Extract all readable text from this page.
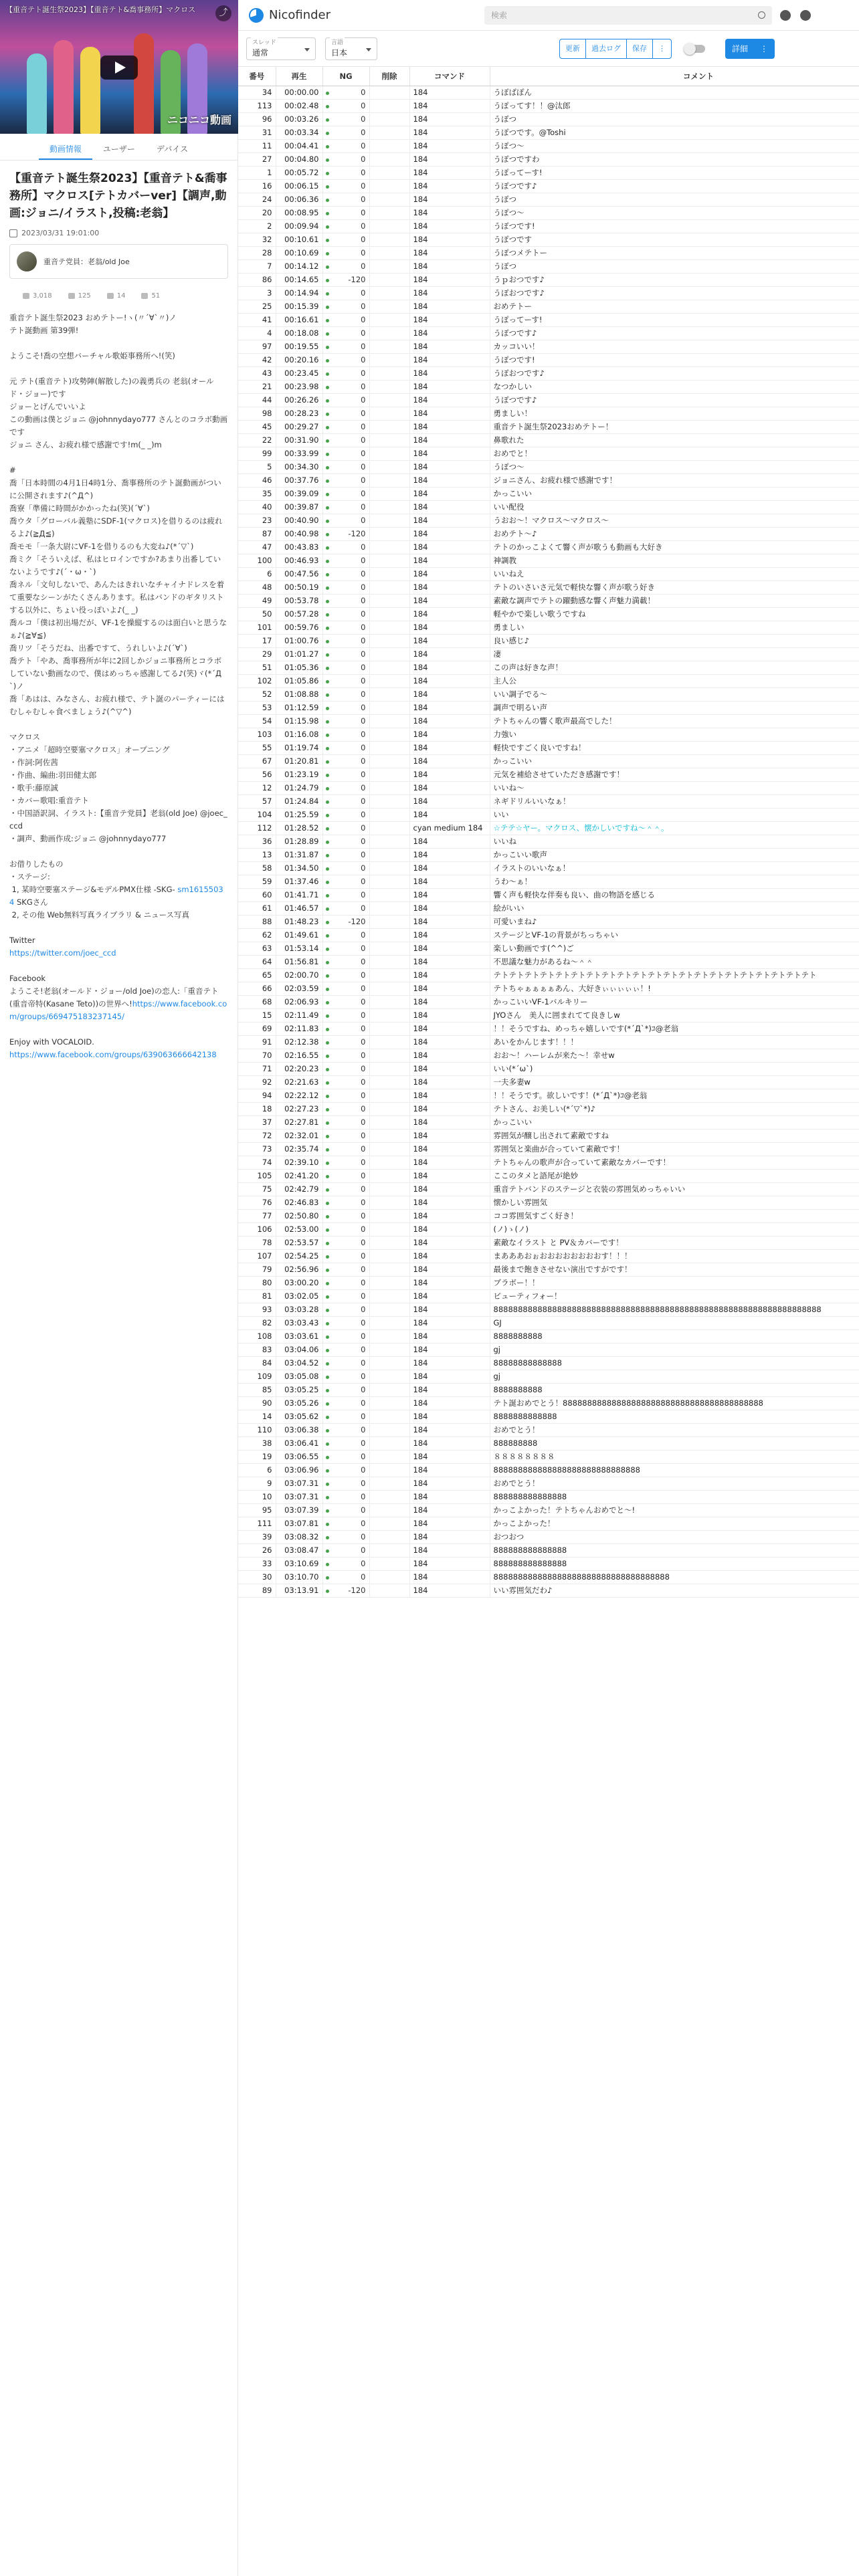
【重音テト誕生祭2023】【重音テト&喬事務所】マクロス	⤴
ニコニコ動画
動画情報	ユーザー	デバイス
【重音テト誕生祭2023】【重音テト&喬事務所】マクロス[テトカバーver]【調声,動画:ジョニ/イラスト,投稿:老翁】
2023/03/31 19:01:00
重音テ党員：老翁/old Joe
3,018	125	14	51
重音テト誕生祭2023 おめテトー!ヽ(〃´∀`〃)ノ
テト誕動画 第39弾!

ようこそ!喬の空想バーチャル歌姫事務所へ!(笑)

元 テト(重音テト)攻勢陣(解散した)の義勇兵の 老翁(オールド・ジョー)です
ジョーとげんでいいよ
この動画は僕とジョニ @johnnydayo777 さんとのコラボ動画です
ジョニ さん、お疲れ様で感謝です!m(_ _)m

#
喬「日本時間の4月1日4時1分、喬事務所のテト誕動画がついに公開されます♪(^Д^)
喬寮「準備に時間がかかったね(笑)(´∀`)
喬ウタ「グローバル義塾にSDF-1(マクロス)を借りるのは疲れるよ♪(≧Д≦)
喬モモ「一条大尉にVF-1を借りるのも大変ね♪(*´▽`)
喬ミク「そういえば、私はヒロインですか?あまり出番していないようです♪(´・ω・`)
喬ネル「文句しないで、あんたはきれいなチャイナドレスを着て重要なシーンがたくさんあります。私はバンドのギタリストする以外に、ちょい役っぽいよ♪(_ _)
喬ルコ「僕は初出場だが、VF-1を操縦するのは面白いと思うなぁ♪(≧∀≦)
喬リツ「そうだね、出番ですて、うれしいよ♪(´∀`)
喬テト「やあ、喬事務所が年に2回しかジョニ事務所とコラボしていない動画なので、僕はめっちゃ感謝してる♪(笑)ヾ(*´Д`)ノ
喬「あはは、みなさん、お疲れ様で、テト誕のパーティーにはむしゃむしゃ食べましょう♪(^▽^)

マクロス
・アニメ「超時空要塞マクロス」オープニング
・作詞:阿佐茜
・作曲、編曲:羽田健太郎
・歌手:藤原誠
・カバー歌唱:重音テト
・中国語訳詞、イラスト:【重音テ党員】老翁(old Joe) @joec_ccd
・調声、動画作成:ジョニ @johnnydayo777

お借りしたもの
・ステージ:
1, 某時空要塞ステージ&モデルPMX仕様 -SKG- sm16155034 SKGさん
2, その他 Web無料写真ライブラリ & ニュース写真

Twitter
https://twitter.com/joec_ccd

Facebook
ようこそ!老翁(オールド・ジョー/old Joe)の恋人:「重音テト(重音帝特(Kasane Teto))の世界へ!https://www.facebook.com/groups/669475183237145/

Enjoy with VOCALOID.
https://www.facebook.com/groups/639063666642138
Nicofinder	検索
スレッド
通常
言語
日本	更新	過去ログ	保存	⋮	詳細 ⋮
番号	再生	NG	削除	コマンド	コメント
34	00:00.00	0		184	うぽばぽん
113	00:02.48	0		184	うぽってす！！@汰郎
96	00:03.26	0		184	うぽつ
31	00:03.34	0		184	うぽつです。@Toshi
11	00:04.41	0		184	うぽつ～
27	00:04.80	0		184	うぽつですわ
1	00:05.72	0		184	うぽってーす!
16	00:06.15	0		184	うぽつです♪
24	00:06.36	0		184	うぽつ
20	00:08.95	0		184	うぽつ～
2	00:09.94	0		184	うぽつです!
32	00:10.61	0		184	うぽつです
28	00:10.69	0		184	うぽつメテトー
7	00:14.12	0		184	うぽつ
86	00:14.65	-120		184	うｐおつです♪
3	00:14.94	0		184	うぽおつです♪
25	00:15.39	0		184	おめテトー
41	00:16.61	0		184	うぽってーす!
4	00:18.08	0		184	うぽつです♪
97	00:19.55	0		184	カッコいい！
42	00:20.16	0		184	うぽつです!
43	00:23.45	0		184	うぽおつです♪
21	00:23.98	0		184	なつかしい
44	00:26.26	0		184	うぽつです♪
98	00:28.23	0		184	勇ましい！
45	00:29.27	0		184	重音テト誕生祭2023おめテトー！
22	00:31.90	0		184	鼻歌れた
99	00:33.99	0		184	おめでと！
5	00:34.30	0		184	うぽつ～
46	00:37.76	0		184	ジョニさん、お疲れ様で感謝です！
35	00:39.09	0		184	かっこいい
40	00:39.87	0		184	いい配役
23	00:40.90	0		184	うおお～！マクロス～マクロス～
87	00:40.98	-120		184	おめテト～♪
47	00:43.83	0		184	テトのかっこよくて響く声が歌うも動画も大好き
100	00:46.93	0		184	神調教
6	00:47.56	0		184	いいねえ
48	00:50.19	0		184	テトのいさいさ元気で軽快な響く声が歌う好き
49	00:53.78	0		184	素敵な調声でテトの躍動感な響く声魅力満載！
50	00:57.28	0		184	軽やかで楽しい歌うですね
101	00:59.76	0		184	勇ましい
17	01:00.76	0		184	良い感じ♪
29	01:01.27	0		184	凄
51	01:05.36	0		184	この声は好きな声！
102	01:05.86	0		184	主人公
52	01:08.88	0		184	いい調子でる～
53	01:12.59	0		184	調声で明るい声
54	01:15.98	0		184	テトちゃんの響く歌声最高でした！
103	01:16.08	0		184	力強い
55	01:19.74	0		184	軽快ですごく良いですね！
67	01:20.81	0		184	かっこいい
56	01:23.19	0		184	元気を補給させていただき感謝です！
12	01:24.79	0		184	いいね～
57	01:24.84	0		184	ネギドリルいいなぁ！
104	01:25.59	0		184	いい
112	01:28.52	0		cyan medium 184	☆テテ☆ヤー。マクロス、懐かしいですね～＾＾。
36	01:28.89	0		184	いいね
13	01:31.87	0		184	かっこいい歌声
58	01:34.50	0		184	イラストのいいなぁ！
59	01:37.46	0		184	うわ～ぁ！
60	01:41.71	0		184	響く声も軽快な伴奏も良い、曲の物語を感じる
61	01:46.57	0		184	絵がいい
88	01:48.23	-120		184	可愛いまね♪
62	01:49.61	0		184	ステージとVF-1の背景がちっちゃい
63	01:53.14	0		184	楽しい動画です(^^)ご
64	01:56.81	0		184	不思議な魅力があるね～＾＾
65	02:00.70	0		184	テトテトテトテトテトテトテトテトテトテトテトテトテトテトテトテトテトテトテトテトテト
66	02:03.59	0		184	テトちゃぁぁぁぁあん、大好きぃぃぃぃぃ！!
68	02:06.93	0		184	かっこいいVF-1バルキリー
15	02:11.49	0		184	JYOさん　美人に囲まれてて良きしw
69	02:11.83	0		184	！！そうですね、めっちゃ嬉しいです(*´Д`*)ｺ@老翁
91	02:12.38	0		184	あいをかんじます！！！
70	02:16.55	0		184	おお～！ハーレムが来た～！幸せw
71	02:20.23	0		184	いい(*´ω`)
92	02:21.63	0		184	一夫多妻w
94	02:22.12	0		184	！！そうです。欲しいです！(*´Д`*)ｺ@老翁
18	02:27.23	0		184	テトさん、お美しい(*´▽`*)♪
37	02:27.81	0		184	かっこいい
72	02:32.01	0		184	雰囲気が醸し出されて素敵ですね
73	02:35.74	0		184	雰囲気と楽曲が合っていて素敵です！
74	02:39.10	0		184	テトちゃんの歌声が合っていて素敵なカバーです！
105	02:41.20	0		184	ここのタメと語尾が絶妙
75	02:42.79	0		184	重音テトバンドのステージと衣装の雰囲気めっちゃいい
76	02:46.83	0		184	懐かしい雰囲気
77	02:50.80	0		184	ココ雰囲気すごく好き！
106	02:53.00	0		184	(ノ)ゝ(ノ)
78	02:53.57	0		184	素敵なイラスト と PV＆カバーです！
107	02:54.25	0		184	まあああおぉおおおおおおおおす！！！
79	02:56.96	0		184	最後まで飽きさせない演出ですがです！
80	03:00.20	0		184	ブラボー！！
81	03:02.05	0		184	ビューティフォー！
93	03:03.28	0		184	8888888888888888888888888888888888888888888888888888888888888888888
82	03:03.43	0		184	GJ
108	03:03.61	0		184	8888888888
83	03:04.06	0		184	gj
84	03:04.52	0		184	88888888888888
109	03:05.08	0		184	gj
85	03:05.25	0		184	8888888888
90	03:05.26	0		184	テト誕おめでとう！88888888888888888888888888888888888888888
14	03:05.62	0		184	8888888888888
110	03:06.38	0		184	おめでとう！
38	03:06.41	0		184	888888888
19	03:06.55	0		184	８８８８８８８８
6	03:06.96	0		184	888888888888888888888888888888
9	03:07.31	0		184	おめでとう！
10	03:07.31	0		184	888888888888888
95	03:07.39	0		184	かっこよかった！テトちゃんおめでと～!
111	03:07.81	0		184	かっこよかった！
39	03:08.32	0		184	おつおつ
26	03:08.47	0		184	888888888888888
33	03:10.69	0		184	888888888888888
30	03:10.70	0		184	888888888888888888888888888888888888
89	03:13.91	-120		184	いい雰囲気だわ♪
